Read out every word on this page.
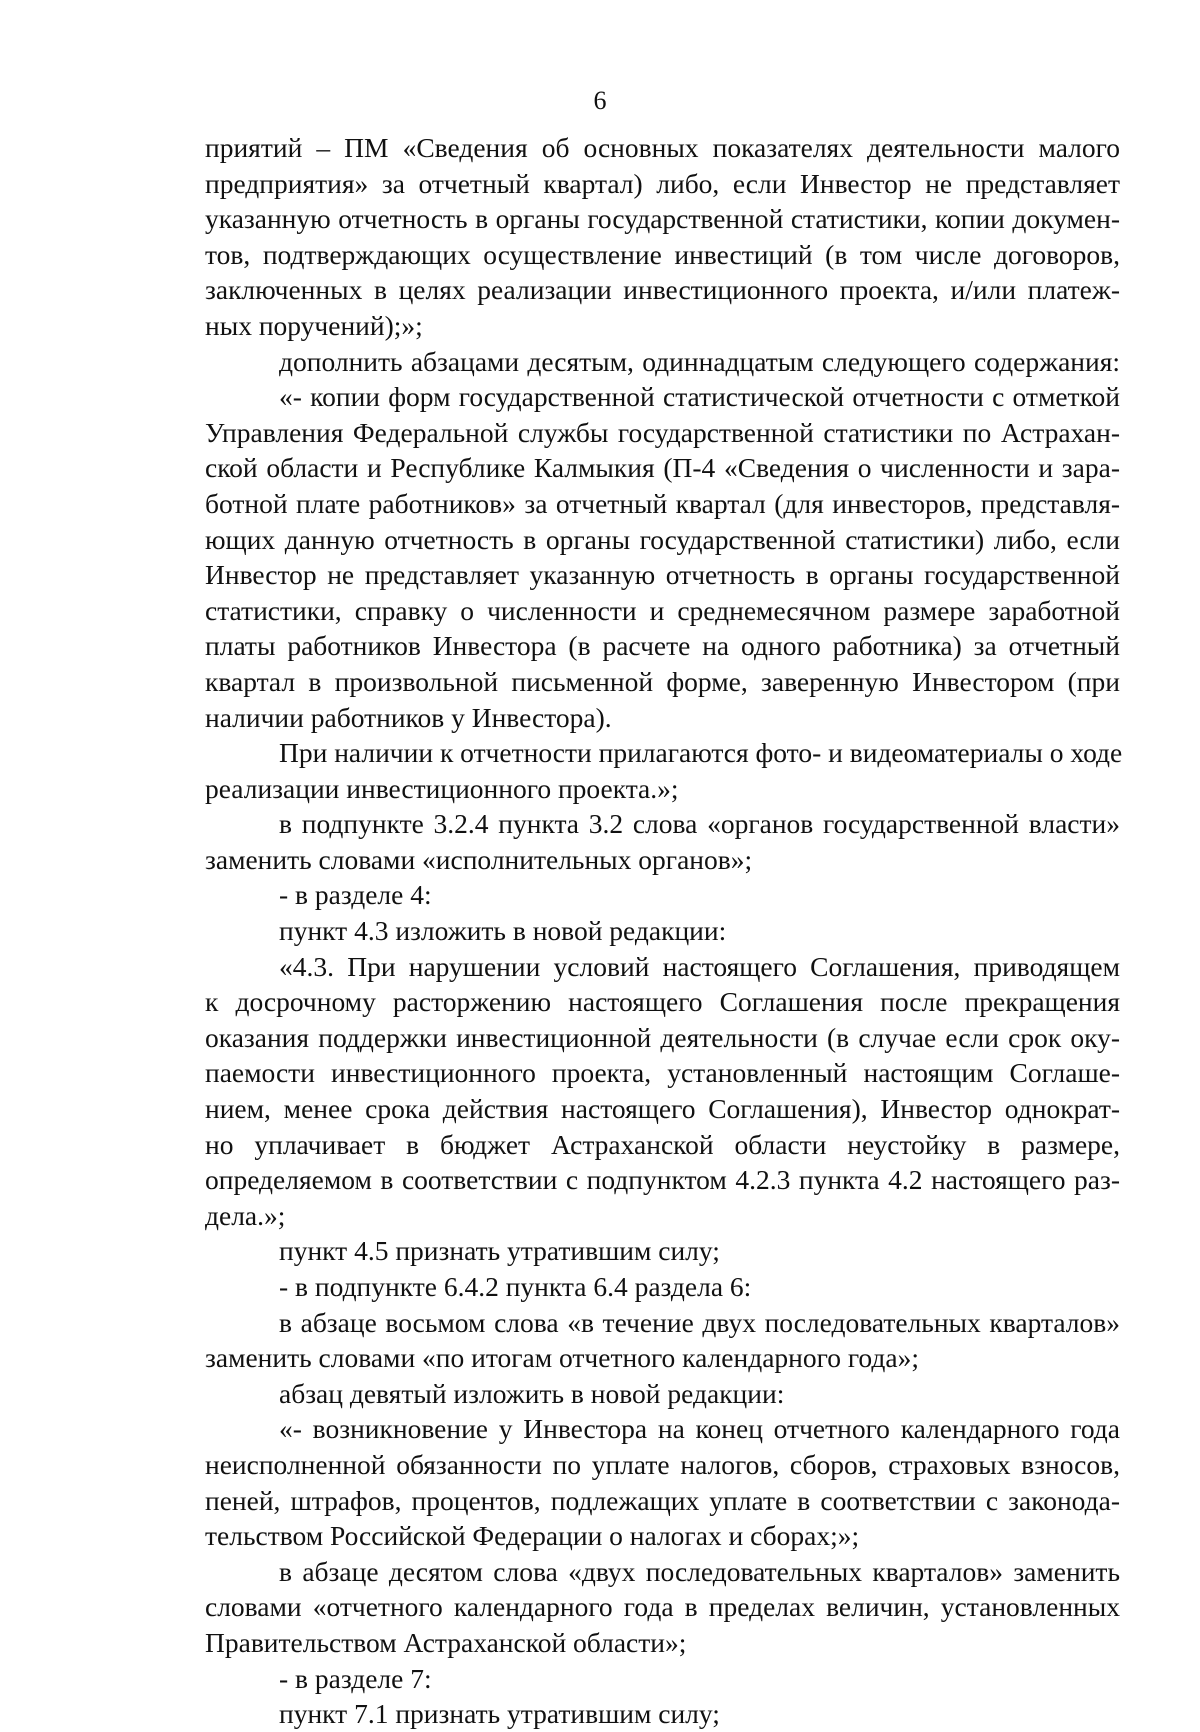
6
приятий – ПМ «Сведения об основных показателях деятельности малого
предприятия» за отчетный квартал) либо, если Инвестор не представляет
указанную отчетность в органы государственной статистики, копии докумен-
тов, подтверждающих осуществление инвестиций (в том числе договоров,
заключенных в целях реализации инвестиционного проекта, и/или платеж-
ных поручений);»;
дополнить абзацами десятым, одиннадцатым следующего содержания:
«- копии форм государственной статистической отчетности с отметкой
Управления Федеральной службы государственной статистики по Астрахан-
ской области и Республике Калмыкия (П-4 «Сведения о численности и зара-
ботной плате работников» за отчетный квартал (для инвесторов, представля-
ющих данную отчетность в органы государственной статистики) либо, если
Инвестор не представляет указанную отчетность в органы государственной
статистики, справку о численности и среднемесячном размере заработной
платы работников Инвестора (в расчете на одного работника) за отчетный
квартал в произвольной письменной форме, заверенную Инвестором (при
наличии работников у Инвестора).
При наличии к отчетности прилагаются фото- и видеоматериалы о ходе
реализации инвестиционного проекта.»;
в подпункте 3.2.4 пункта 3.2 слова «органов государственной власти»
заменить словами «исполнительных органов»;
- в разделе 4:
пункт 4.3 изложить в новой редакции:
«4.3. При нарушении условий настоящего Соглашения, приводящем
к досрочному расторжению настоящего Соглашения после прекращения
оказания поддержки инвестиционной деятельности (в случае если срок оку-
паемости инвестиционного проекта, установленный настоящим Соглаше-
нием, менее срока действия настоящего Соглашения), Инвестор однократ-
но уплачивает в бюджет Астраханской области неустойку в размере,
определяемом в соответствии с подпунктом 4.2.3 пункта 4.2 настоящего раз-
дела.»;
пункт 4.5 признать утратившим силу;
- в подпункте 6.4.2 пункта 6.4 раздела 6:
в абзаце восьмом слова «в течение двух последовательных кварталов»
заменить словами «по итогам отчетного календарного года»;
абзац девятый изложить в новой редакции:
«- возникновение у Инвестора на конец отчетного календарного года
неисполненной обязанности по уплате налогов, сборов, страховых взносов,
пеней, штрафов, процентов, подлежащих уплате в соответствии с законода-
тельством Российской Федерации о налогах и сборах;»;
в абзаце десятом слова «двух последовательных кварталов» заменить
словами «отчетного календарного года в пределах величин, установленных
Правительством Астраханской области»;
- в разделе 7:
пункт 7.1 признать утратившим силу;
